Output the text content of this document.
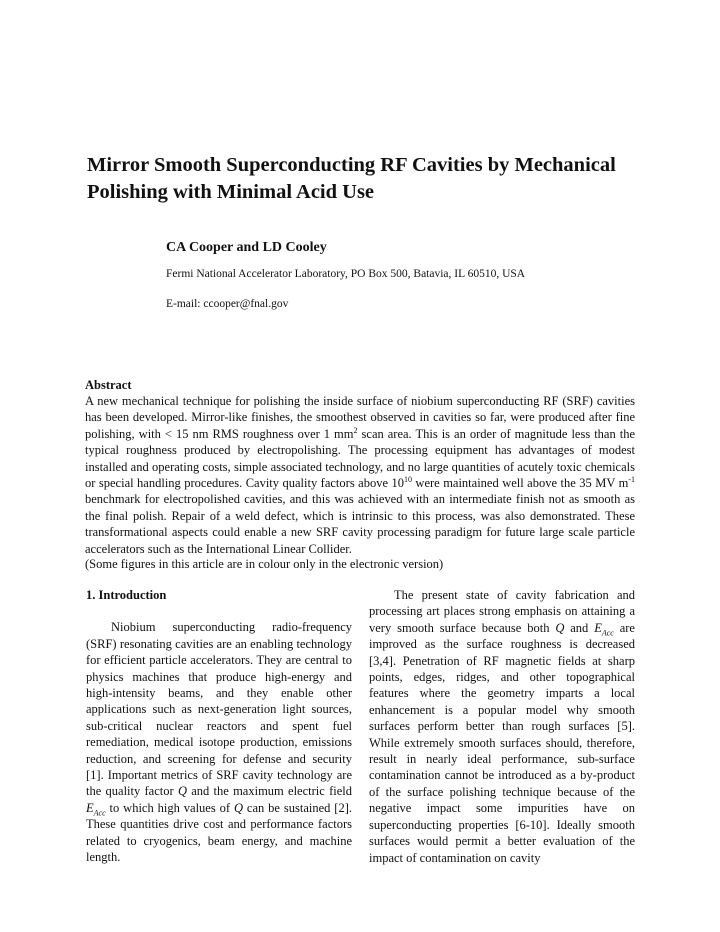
Mirror Smooth Superconducting RF Cavities by Mechanical Polishing with Minimal Acid Use

CA Cooper and LD Cooley

Fermi National Accelerator Laboratory, PO Box 500, Batavia, IL 60510, USA

E-mail: ccooper@fnal.gov

Abstract

A new mechanical technique for polishing the inside surface of niobium superconducting RF (SRF) cavities has been developed. Mirror-like finishes, the smoothest observed in cavities so far, were produced after fine polishing, with < 15 nm RMS roughness over 1 $mm^2$ scan area. This is an order of magnitude less than the typical roughness produced by electropolishing. The processing equipment has advantages of modest installed and operating costs, simple associated technology, and no large quantities of acutely toxic chemicals or special handling procedures. Cavity quality factors above $10^{10}$ were maintained well above the 35 MV $m^{-1}$ benchmark for electropolished cavities, and this was achieved with an intermediate finish not as smooth as the final polish. Repair of a weld defect, which is intrinsic to this process, was also demonstrated. These transformational aspects could enable a new SRF cavity processing paradigm for future large scale particle accelerators such as the International Linear Collider.

(Some figures in this article are in colour only in the electronic version)

1. Introduction

Niobium superconducting radio-frequency (SRF) resonating cavities are an enabling technology for efficient particle accelerators. They are central to physics machines that produce high-energy and high-intensity beams, and they enable other applications such as next-generation light sources, sub-critical nuclear reactors and spent fuel remediation, medical isotope production, emissions reduction, and screening for defense and security [1]. Important metrics of SRF cavity technology are the quality factor Q and the maximum electric field $E_{Acc}$ to which high values of Q can be sustained [2]. These quantities drive cost and performance factors related to cryogenics, beam energy, and machine length.

The present state of cavity fabrication and processing art places strong emphasis on attaining a very smooth surface because both Q and $E_{Acc}$ are improved as the surface roughness is decreased [3,4]. Penetration of RF magnetic fields at sharp points, edges, ridges, and other topographical features where the geometry imparts a local enhancement is a popular model why smooth surfaces perform better than rough surfaces [5]. While extremely smooth surfaces should, therefore, result in nearly ideal performance, sub-surface contamination cannot be introduced as a by-product of the surface polishing technique because of the negative impact some impurities have on superconducting properties [6-10]. Ideally smooth surfaces would permit a better evaluation of the impact of contamination on cavity
